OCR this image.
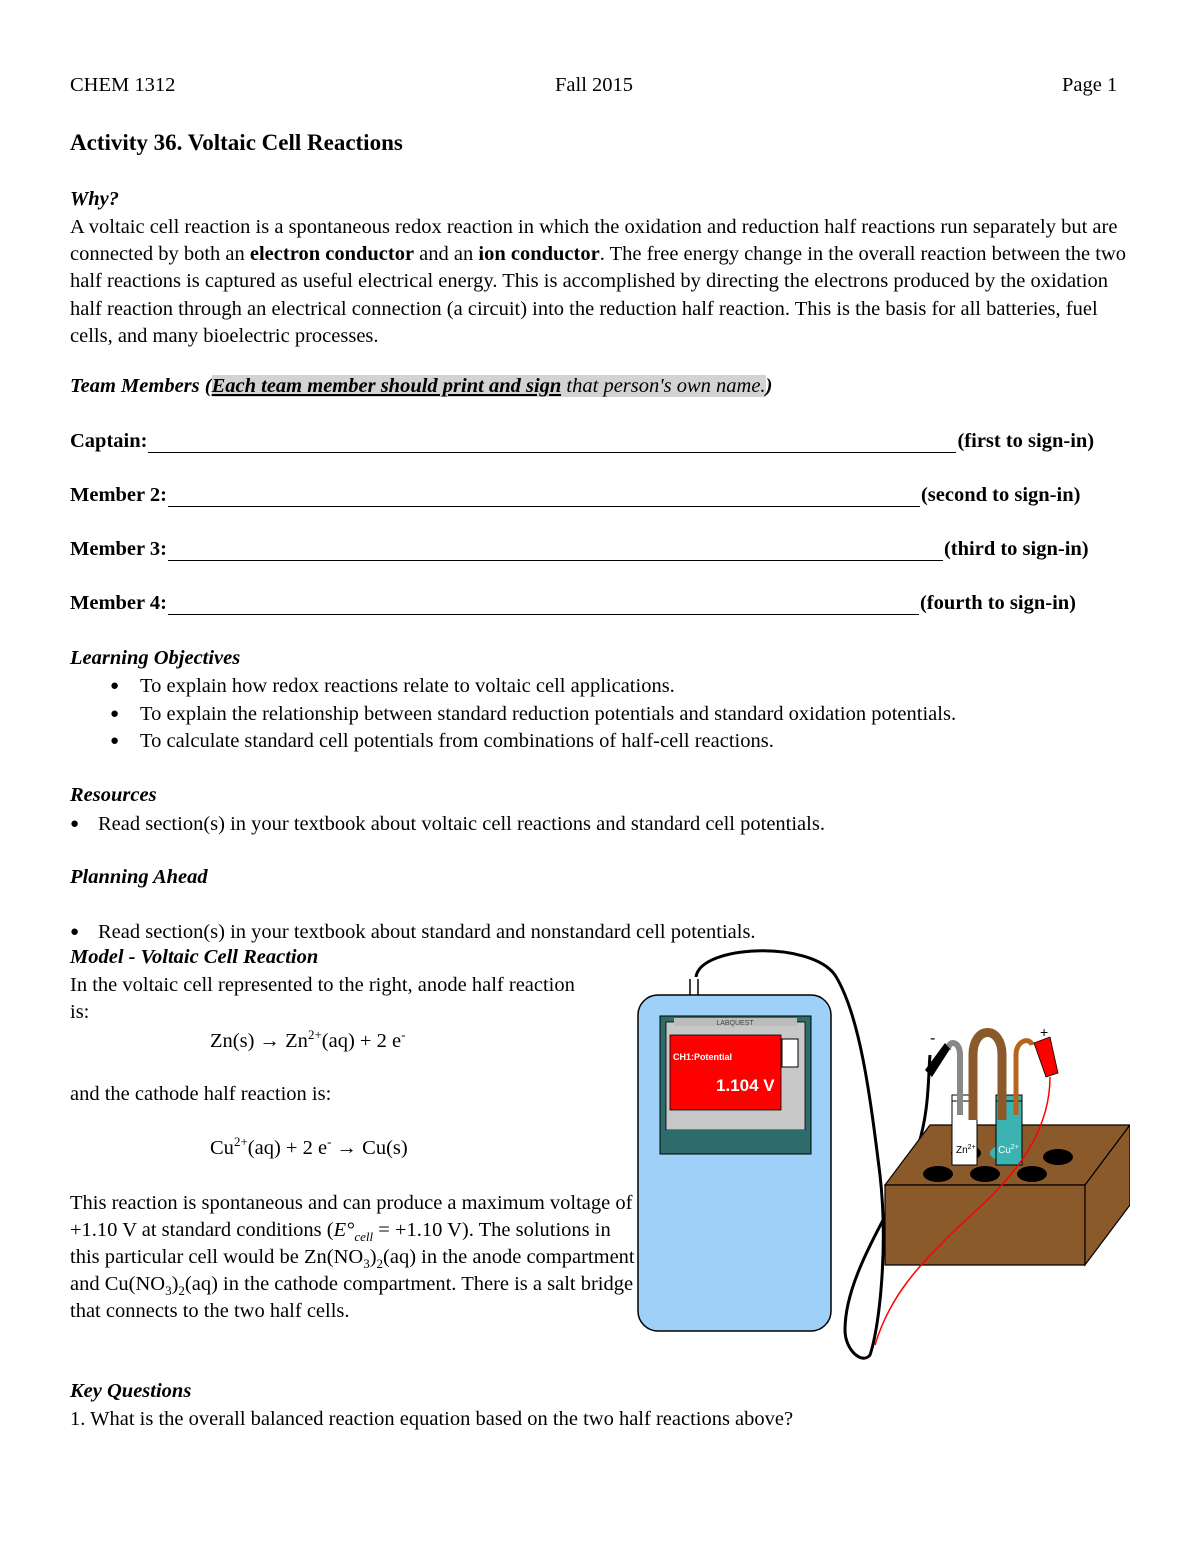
CHEM 1312	Fall 2015	Page 1
Activity 36. Voltaic Cell Reactions
Why?
A voltaic cell reaction is a spontaneous redox reaction in which the oxidation and reduction half reactions run separately but are connected by both an electron conductor and an ion conductor. The free energy change in the overall reaction between the two half reactions is captured as useful electrical energy. This is accomplished by directing the electrons produced by the oxidation half reaction through an electrical connection (a circuit) into the reduction half reaction. This is the basis for all batteries, fuel cells, and many bioelectric processes.
Team Members (Each team member should print and sign that person's own name.)
Captain:	(first to sign-in)
Member 2:	(second to sign-in)
Member 3:	(third to sign-in)
Member 4:	(fourth to sign-in)
Learning Objectives
● To explain how redox reactions relate to voltaic cell applications.
● To explain the relationship between standard reduction potentials and standard oxidation potentials.
● To calculate standard cell potentials from combinations of half-cell reactions.
Resources
● Read section(s) in your textbook about voltaic cell reactions and standard cell potentials.
Planning Ahead
● Read section(s) in your textbook about standard and nonstandard cell potentials.
Model - Voltaic Cell Reaction
In the voltaic cell represented to the right, anode half reaction is:
$Zn(s) \to Zn^{2+}(aq) + 2$ e-
and the cathode half reaction is:
$Cu^{2+}(aq) + 2$ e- → Cu(s)
This reaction is spontaneous and can produce a maximum voltage of +1.10 V at standard conditions ($E^\circ_{cell} = +1.10$ V). The solutions in this particular cell would be $Zn(NO_3)_2(aq)$ in the anode compartment and $Cu(NO_3)_2(aq)$ in the cathode compartment. There is a salt bridge that connects to the two half cells.
LABQUEST
CH1:Potential
1.104 V
$Zn^{2+}$ $Cu^{2+}$
-	+
Key Questions
1. What is the overall balanced reaction equation based on the two half reactions above?
